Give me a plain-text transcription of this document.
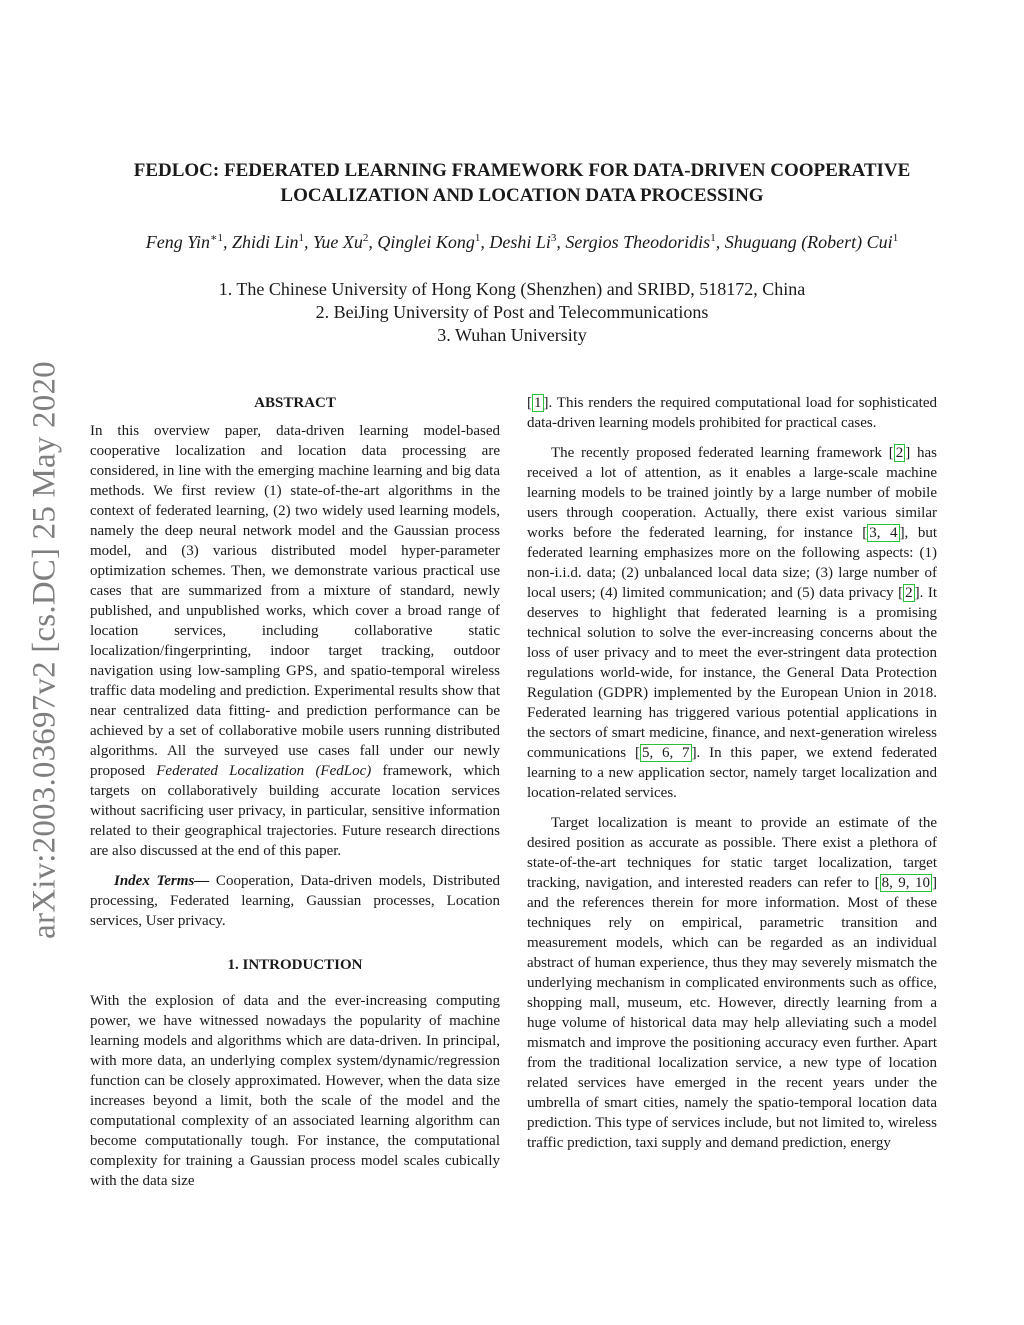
arXiv:2003.03697v2 [cs.DC] 25 May 2020
FEDLOC: FEDERATED LEARNING FRAMEWORK FOR DATA-DRIVEN COOPERATIVE
LOCALIZATION AND LOCATION DATA PROCESSING
Feng Yin$^{∗1}$, Zhidi Lin$^1$, Yue Xu$^2$, Qinglei Kong$^1$, Deshi Li$^3$, Sergios Theodoridis$^1$, Shuguang (Robert) Cui$^1$
1. The Chinese University of Hong Kong (Shenzhen) and SRIBD, 518172, China
2. BeiJing University of Post and Telecommunications
3. Wuhan University
ABSTRACT

In this overview paper, data-driven learning model-based cooperative localization and location data processing are considered, in line with the emerging machine learning and big data methods. We first review (1) state-of-the-art algorithms in the context of federated learning, (2) two widely used learning models, namely the deep neural network model and the Gaussian process model, and (3) various distributed model hyper-parameter optimization schemes. Then, we demonstrate various practical use cases that are summarized from a mixture of standard, newly published, and unpublished works, which cover a broad range of location services, including collaborative static localization/fingerprinting, indoor target tracking, outdoor navigation using low-sampling GPS, and spatio-temporal wireless traffic data modeling and prediction. Experimental results show that near centralized data fitting- and prediction performance can be achieved by a set of collaborative mobile users running distributed algorithms. All the surveyed use cases fall under our newly proposed Federated Localization (FedLoc) framework, which targets on collaboratively building accurate location services without sacrificing user privacy, in particular, sensitive information related to their geographical trajectories. Future research directions are also discussed at the end of this paper.

Index Terms— Cooperation, Data-driven models, Distributed processing, Federated learning, Gaussian processes, Location services, User privacy.

1. INTRODUCTION

With the explosion of data and the ever-increasing computing power, we have witnessed nowadays the popularity of machine learning models and algorithms which are data-driven. In principal, with more data, an underlying complex system/dynamic/regression function can be closely approximated. However, when the data size increases beyond a limit, both the scale of the model and the computational complexity of an associated learning algorithm can become computationally tough. For instance, the computational complexity for training a Gaussian process model scales cubically with the data size

[ 1 ]. This renders the required computational load for sophisticated data-driven learning models prohibited for practical cases.

The recently proposed federated learning framework [ 2 ] has received a lot of attention, as it enables a large-scale machine learning models to be trained jointly by a large number of mobile users through cooperation. Actually, there exist various similar works before the federated learning, for instance [ 3, 4 ], but federated learning emphasizes more on the following aspects: (1) non-i.i.d. data; (2) unbalanced local data size; (3) large number of local users; (4) limited communication; and (5) data privacy [ 2 ]. It deserves to highlight that federated learning is a promising technical solution to solve the ever-increasing concerns about the loss of user privacy and to meet the ever-stringent data protection regulations world-wide, for instance, the General Data Protection Regulation (GDPR) implemented by the European Union in 2018. Federated learning has triggered various potential applications in the sectors of smart medicine, finance, and next-generation wireless communications [ 5, 6, 7 ]. In this paper, we extend federated learning to a new application sector, namely target localization and location-related services.

Target localization is meant to provide an estimate of the desired position as accurate as possible. There exist a plethora of state-of-the-art techniques for static target localization, target tracking, navigation, and interested readers can refer to [ 8, 9, 10 ] and the references therein for more information. Most of these techniques rely on empirical, parametric transition and measurement models, which can be regarded as an individual abstract of human experience, thus they may severely mismatch the underlying mechanism in complicated environments such as office, shopping mall, museum, etc. However, directly learning from a huge volume of historical data may help alleviating such a model mismatch and improve the positioning accuracy even further. Apart from the traditional localization service, a new type of location related services have emerged in the recent years under the umbrella of smart cities, namely the spatio-temporal location data prediction. This type of services include, but not limited to, wireless traffic prediction, taxi supply and demand prediction, energy
